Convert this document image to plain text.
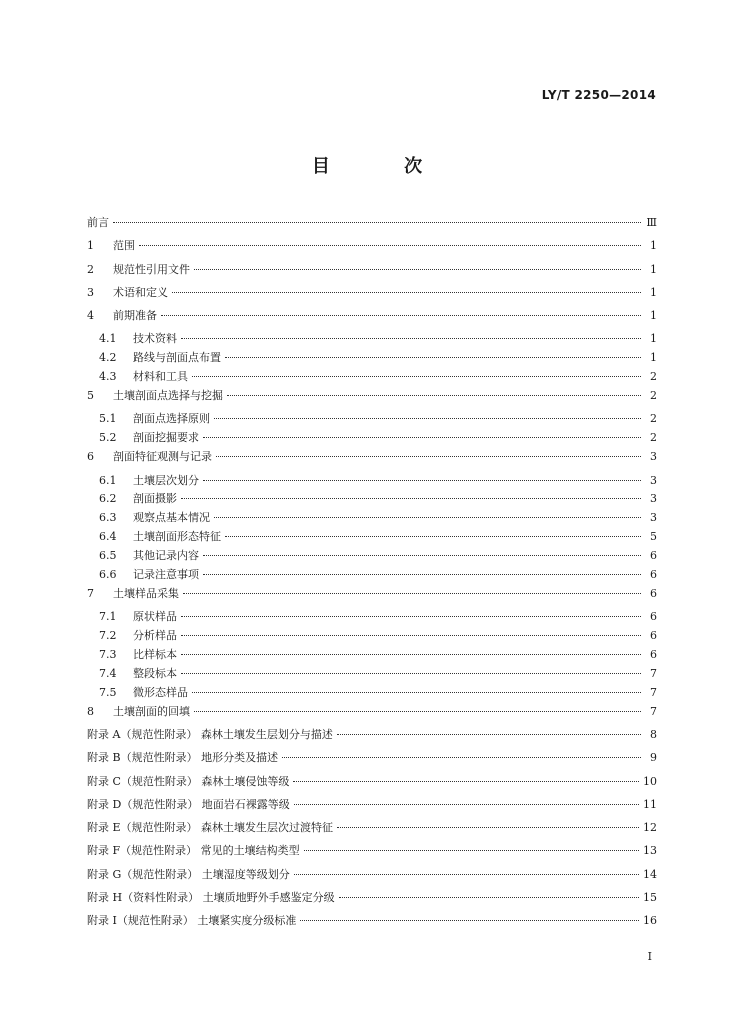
LY/T 2250—2014
目 次
前言	Ⅲ
1	范围	1
2	规范性引用文件	1
3	术语和定义	1
4	前期准备	1
4.1	技术资料	1
4.2	路线与剖面点布置	1
4.3	材料和工具	2
5	土壤剖面点选择与挖掘	2
5.1	剖面点选择原则	2
5.2	剖面挖掘要求	2
6	剖面特征观测与记录	3
6.1	土壤层次划分	3
6.2	剖面摄影	3
6.3	观察点基本情况	3
6.4	土壤剖面形态特征	5
6.5	其他记录内容	6
6.6	记录注意事项	6
7	土壤样品采集	6
7.1	原状样品	6
7.2	分析样品	6
7.3	比样标本	6
7.4	整段标本	7
7.5	微形态样品	7
8	土壤剖面的回填	7
附录 A（规范性附录） 森林土壤发生层划分与描述	8
附录 B（规范性附录） 地形分类及描述	9
附录 C（规范性附录） 森林土壤侵蚀等级	10
附录 D（规范性附录） 地面岩石裸露等级	11
附录 E（规范性附录） 森林土壤发生层次过渡特征	12
附录 F（规范性附录） 常见的土壤结构类型	13
附录 G（规范性附录） 土壤湿度等级划分	14
附录 H（资料性附录） 土壤质地野外手感鉴定分级	15
附录 I（规范性附录） 土壤紧实度分级标准	16
I
